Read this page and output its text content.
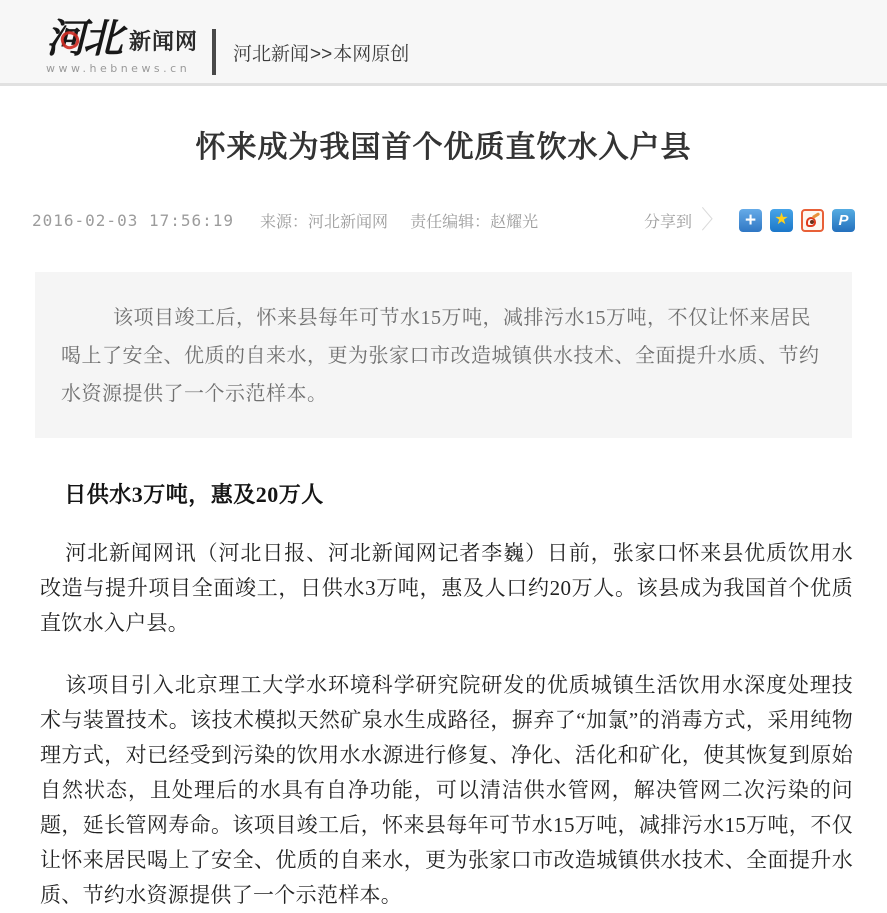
河北 新闻网
www.hebnews.cn
河北新闻>>本网原创
怀来成为我国首个优质直饮水入户县
2016-02-03 17:56:19 来源：河北新闻网 责任编辑：赵耀光	分享到 〉 + ★	P
该项目竣工后，怀来县每年可节水15万吨，减排污水15万吨，不仅让怀来居民喝上了安全、优质的自来水，更为张家口市改造城镇供水技术、全面提升水质、节约水资源提供了一个示范样本。

日供水3万吨，惠及20万人

河北新闻网讯（河北日报、河北新闻网记者李巍）日前，张家口怀来县优质饮用水改造与提升项目全面竣工，日供水3万吨，惠及人口约20万人。该县成为我国首个优质直饮水入户县。

该项目引入北京理工大学水环境科学研究院研发的优质城镇生活饮用水深度处理技术与装置技术。该技术模拟天然矿泉水生成路径，摒弃了“加氯”的消毒方式，采用纯物理方式，对已经受到污染的饮用水水源进行修复、净化、活化和矿化，使其恢复到原始自然状态，且处理后的水具有自净功能，可以清洁供水管网，解决管网二次污染的问题，延长管网寿命。该项目竣工后，怀来县每年可节水15万吨，减排污水15万吨，不仅让怀来居民喝上了安全、优质的自来水，更为张家口市改造城镇供水技术、全面提升水质、节约水资源提供了一个示范样本。
